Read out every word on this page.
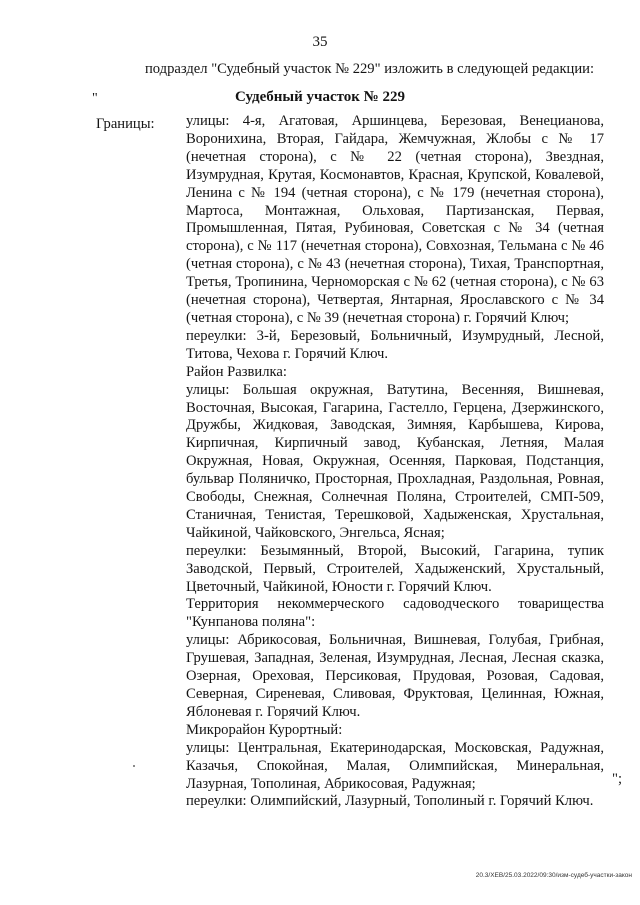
35
подраздел "Судебный участок № 229" изложить в следующей редакции:
"	Судебный участок № 229
Границы: улицы: 4-я, Агатовая, Аршинцева, Березовая, Венецианова, Воронихина, Вторая, Гайдара, Жемчужная, Жлобы с № 17 (нечетная сторона), с № 22 (четная сторона), Звездная, Изумрудная, Крутая, Космонавтов, Красная, Крупской, Ковалевой, Ленина с № 194 (четная сторона), с № 179 (нечетная сторона), Мартоса, Монтажная, Ольховая, Партизанская, Первая, Промышленная, Пятая, Рубиновая, Советская с № 34 (четная сторона), с № 117 (нечетная сторона), Совхозная, Тельмана с № 46 (четная сторона), с № 43 (нечетная сторона), Тихая, Транспортная, Третья, Тропинина, Черноморская с № 62 (четная сторона), с № 63 (нечетная сторона), Четвертая, Янтарная, Ярославского с № 34 (четная сторона), с № 39 (нечетная сторона) г. Горячий Ключ;

переулки: 3-й, Березовый, Больничный, Изумрудный, Лесной, Титова, Чехова г. Горячий Ключ.

Район Развилка:

улицы: Большая окружная, Ватутина, Весенняя, Вишневая, Восточная, Высокая, Гагарина, Гастелло, Герцена, Дзержинского, Дружбы, Жидковая, Заводская, Зимняя, Карбышева, Кирова, Кирпичная, Кирпичный завод, Кубанская, Летняя, Малая Окружная, Новая, Окружная, Осенняя, Парковая, Подстанция, бульвар Поляничко, Просторная, Прохладная, Раздольная, Ровная, Свободы, Снежная, Солнечная Поляна, Строителей, СМП-509, Станичная, Тенистая, Терешковой, Хадыженская, Хрустальная, Чайкиной, Чайковского, Энгельса, Ясная;

переулки: Безымянный, Второй, Высокий, Гагарина, тупик Заводской, Первый, Строителей, Хадыженский, Хрустальный, Цветочный, Чайкиной, Юности г. Горячий Ключ.

Территория некоммерческого садоводческого товарищества "Кунпанова поляна":

улицы: Абрикосовая, Больничная, Вишневая, Голубая, Грибная, Грушевая, Западная, Зеленая, Изумрудная, Лесная, Лесная сказка, Озерная, Ореховая, Персиковая, Прудовая, Розовая, Садовая, Северная, Сиреневая, Сливовая, Фруктовая, Целинная, Южная, Яблоневая г. Горячий Ключ.

Микрорайон Курортный:

улицы: Центральная, Екатеринодарская, Московская, Радужная, Казачья, Спокойная, Малая, Олимпийская, Минеральная, Лазурная, Тополиная, Абрикосовая, Радужная;

переулки: Олимпийский, Лазурный, Тополиный г. Горячий Ключ.

";
20.3/ХЕВ/25.03.2022/09:30/изм-судеб-участки-закон
